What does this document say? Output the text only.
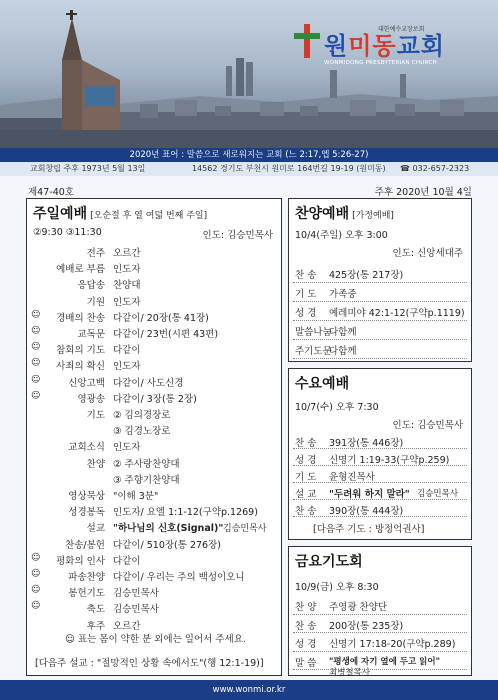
대한예수교장로회
원미동교회
WONMIDONG PRESBYTERIAN CHURCH
2020년 표어 : 말씀으로 새로워지는 교회 (느 2:17,엡 5:26-27)
교회창립 주후 1973년 5월 13일	14562 경기도 부천시 원미로 164번길 19-19 (원미동) ☎ 032-657-2323
제47-40호	주후 2020년 10월 4일
주일예배 [오순절 후 열 여덟 번째 주일]
②9:30 ③11:30	인도: 김승민목사
전주 오르간
예배로 부름 인도자
응답송 찬양대
기원 인도자
☺	경배의 찬송 다같이/ 20장(통 41장)
☺	교독문 다같이/ 23번(시편 43편)
☺	참회의 기도 다같이
☺	사죄의 확신 인도자
☺	신앙고백 다같이/ 사도신경
☺	영광송 다같이/ 3장(통 2장)
기도 ② 김의경장로
③ 김경노장로
교회소식 인도자
찬양 ② 주사랑찬양대
③ 주향기찬양대
영상묵상 "이해 3분"
성경봉독 인도자/ 요엘 1:1-12(구약p.1269)
설교 "하나님의 신호(Signal)" 김승민목사
찬송/봉헌 다같이/ 510장(통 276장)
☺	평화의 인사 다같이
☺	파송찬양 다같이/ 우리는 주의 백성이오니
☺	봉헌기도 김승민목사
☺	축도 김승민목사
후주 오르간
☺ 표는 몸이 약한 분 외에는 일어서 주세요.
[다음주 설교 : "절망적인 상황 속에서도"(행 12:1-19)]
찬양예배 [가정예배]
10/4(주일) 오후 3:00
인도: 신앙세대주
찬 송 425장(통 217장)
기 도 가족중
성 경 예레미야 42:1-12(구약p.1119)
말씀나눔
다함께
주기도문
다함께
수요예배
10/7(수) 오후 7:30
인도: 김승민목사
찬 송 391장(통 446장)
성 경 신명기 1:19-33(구약p.259)
기 도 윤형진목사
설 교 "두려워 하지 말라" 김승민목사
찬 송 390장(통 444장)
[다음주 기도 : 방정억권사]
금요기도회
10/9(금) 오후 8:30
찬 양 주영광 찬양단
찬 송 200장(통 235장)
성 경 신명기 17:18-20(구약p.289)
말 씀 "평생에 자기 옆에 두고 읽어"
최병철목사
www.wonmi.or.kr
